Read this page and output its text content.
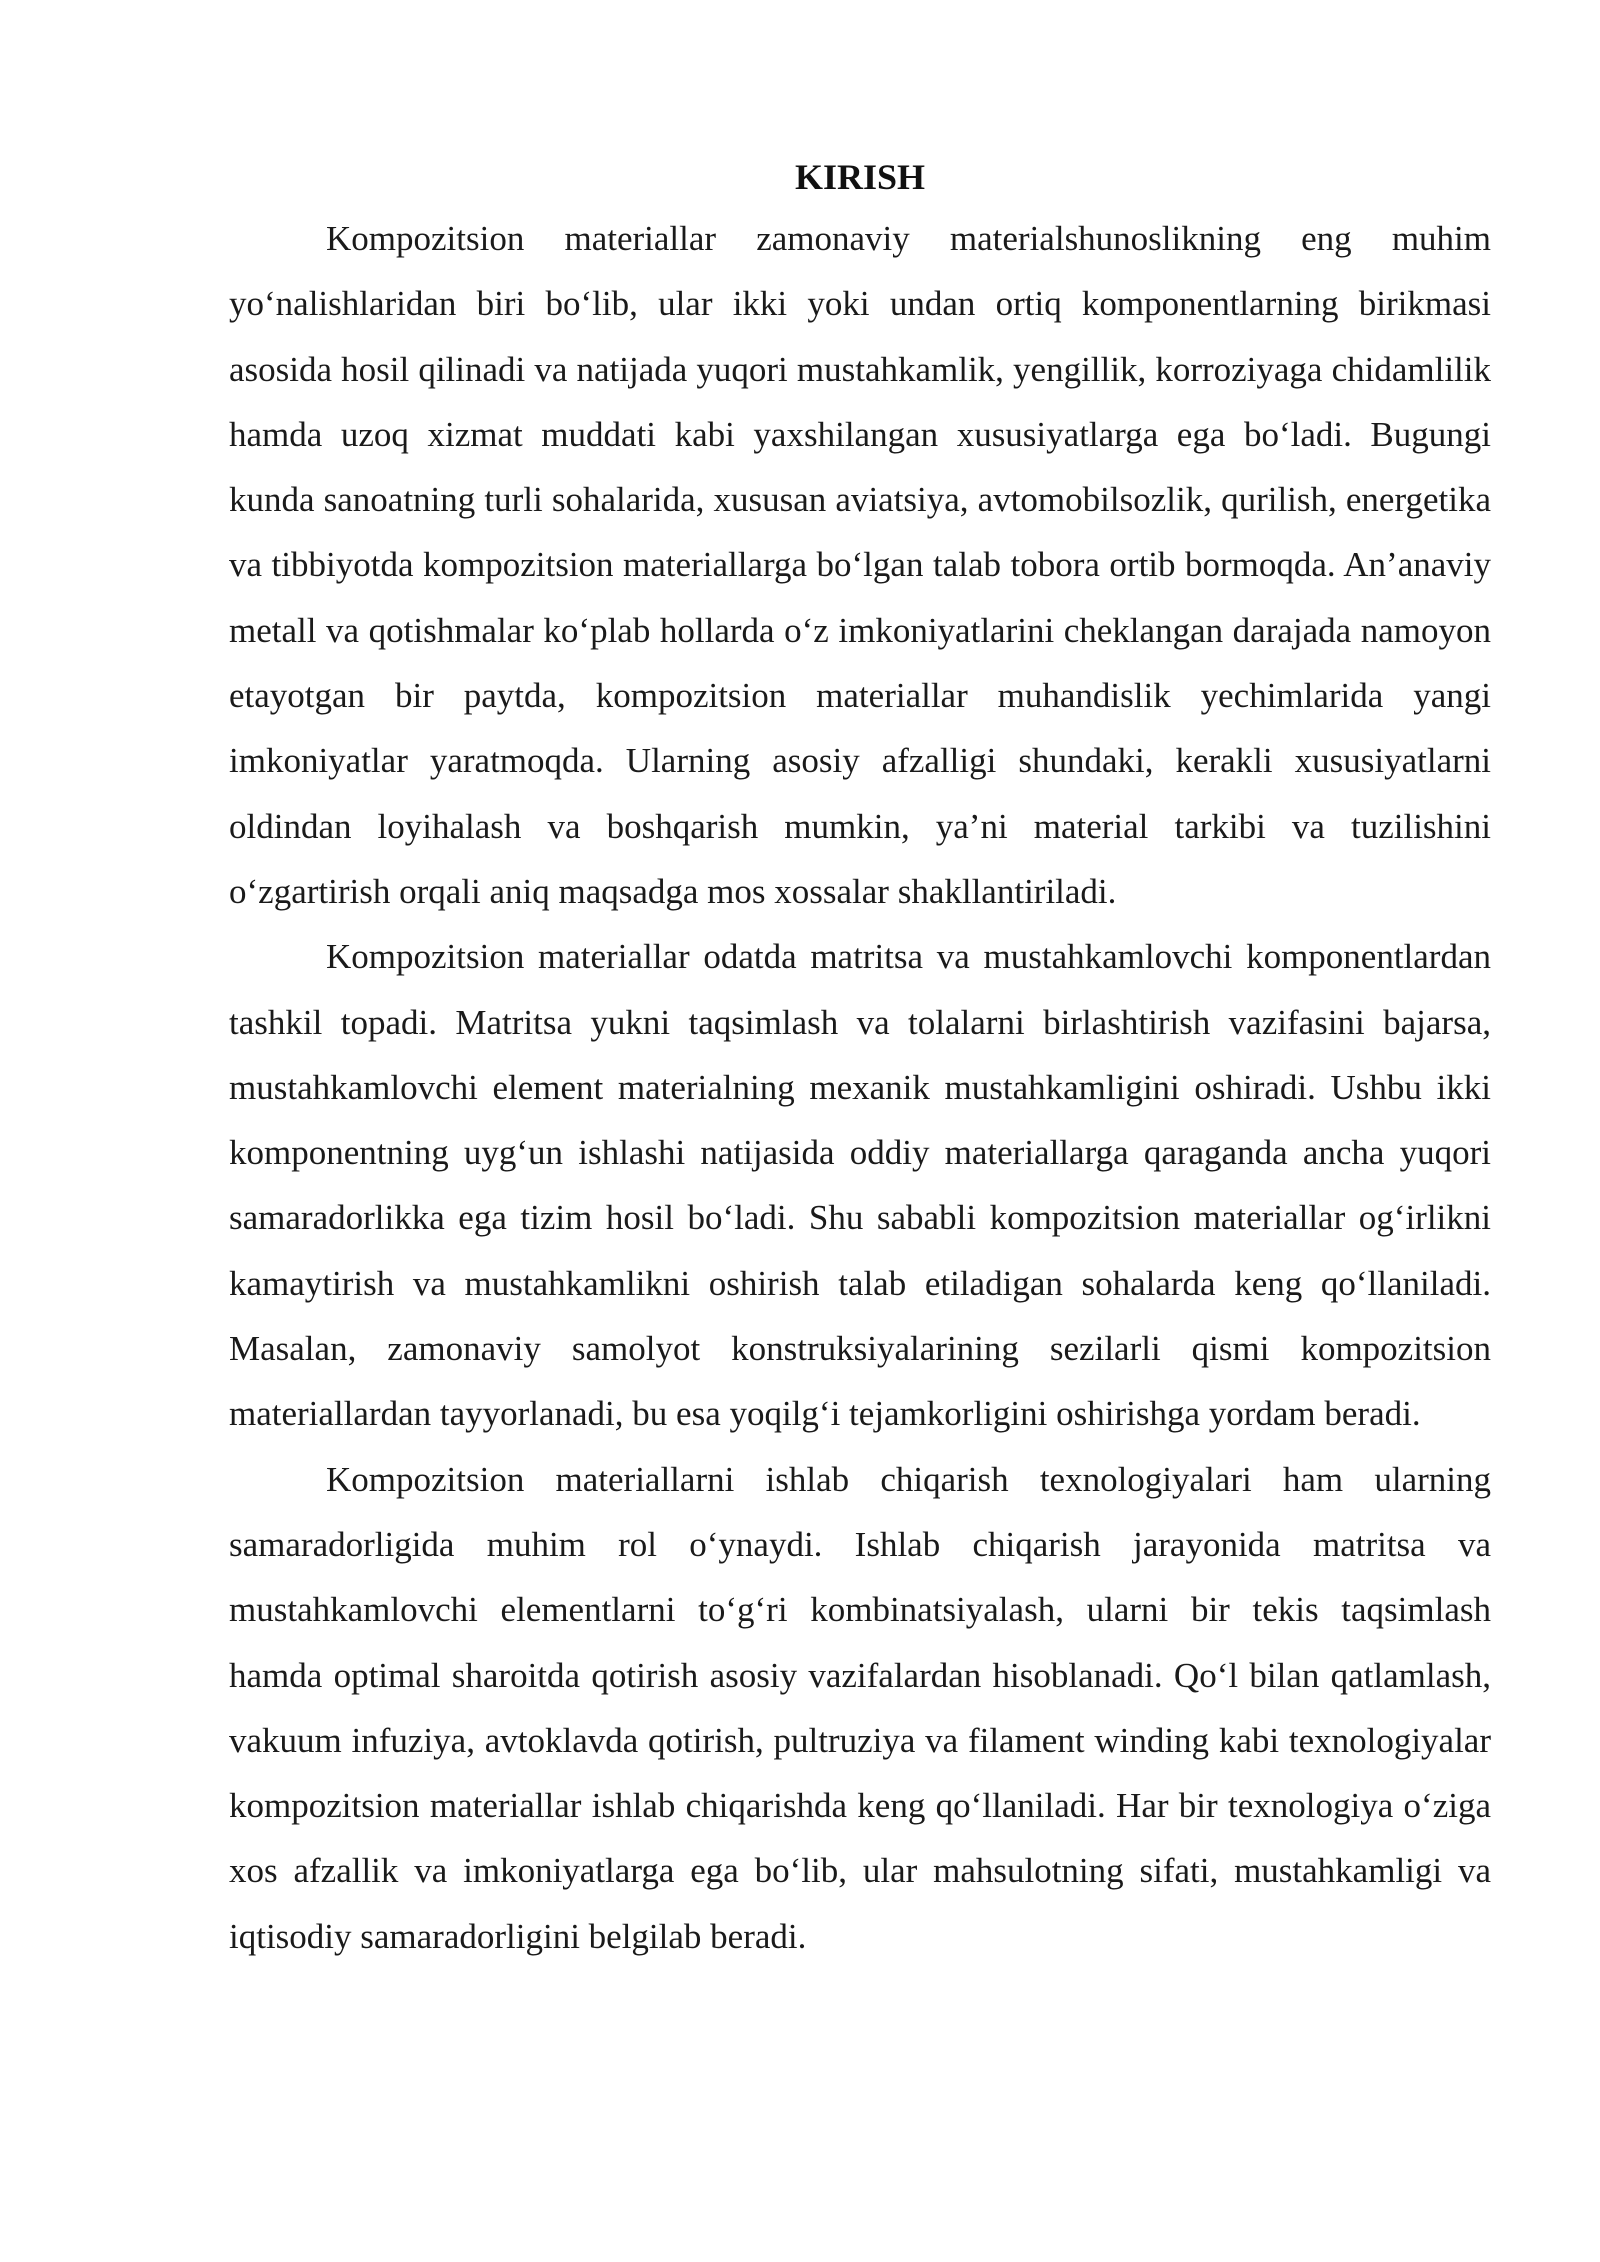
KIRISH

Kompozitsion materiallar zamonaviy materialshunoslikning eng muhim yo‘nalishlaridan biri bo‘lib, ular ikki yoki undan ortiq komponentlarning birikmasi asosida hosil qilinadi va natijada yuqori mustahkamlik, yengillik, korroziyaga chidamlilik hamda uzoq xizmat muddati kabi yaxshilangan xususiyatlarga ega bo‘ladi. Bugungi kunda sanoatning turli sohalarida, xususan aviatsiya, avtomobilsozlik, qurilish, energetika va tibbiyotda kompozitsion materiallarga bo‘lgan talab tobora ortib bormoqda. An’anaviy metall va qotishmalar ko‘plab hollarda o‘z imkoniyatlarini cheklangan darajada namoyon etayotgan bir paytda, kompozitsion materiallar muhandislik yechimlarida yangi imkoniyatlar yaratmoqda. Ularning asosiy afzalligi shundaki, kerakli xususiyatlarni oldindan loyihalash va boshqarish mumkin, ya’ni material tarkibi va tuzilishini o‘zgartirish orqali aniq maqsadga mos xossalar shakllantiriladi.

Kompozitsion materiallar odatda matritsa va mustahkamlovchi komponentlardan tashkil topadi. Matritsa yukni taqsimlash va tolalarni birlashtirish vazifasini bajarsa, mustahkamlovchi element materialning mexanik mustahkamligini oshiradi. Ushbu ikki komponentning uyg‘un ishlashi natijasida oddiy materiallarga qaraganda ancha yuqori samaradorlikka ega tizim hosil bo‘ladi. Shu sababli kompozitsion materiallar og‘irlikni kamaytirish va mustahkamlikni oshirish talab etiladigan sohalarda keng qo‘llaniladi. Masalan, zamonaviy samolyot konstruksiyalarining sezilarli qismi kompozitsion materiallardan tayyorlanadi, bu esa yoqilg‘i tejamkorligini oshirishga yordam beradi.

Kompozitsion materiallarni ishlab chiqarish texnologiyalari ham ularning samaradorligida muhim rol o‘ynaydi. Ishlab chiqarish jarayonida matritsa va mustahkamlovchi elementlarni to‘g‘ri kombinatsiyalash, ularni bir tekis taqsimlash hamda optimal sharoitda qotirish asosiy vazifalardan hisoblanadi. Qo‘l bilan qatlamlash, vakuum infuziya, avtoklavda qotirish, pultruziya va filament winding kabi texnologiyalar kompozitsion materiallar ishlab chiqarishda keng qo‘llaniladi. Har bir texnologiya o‘ziga xos afzallik va imkoniyatlarga ega bo‘lib, ular mahsulotning sifati, mustahkamligi va iqtisodiy samaradorligini belgilab beradi.
